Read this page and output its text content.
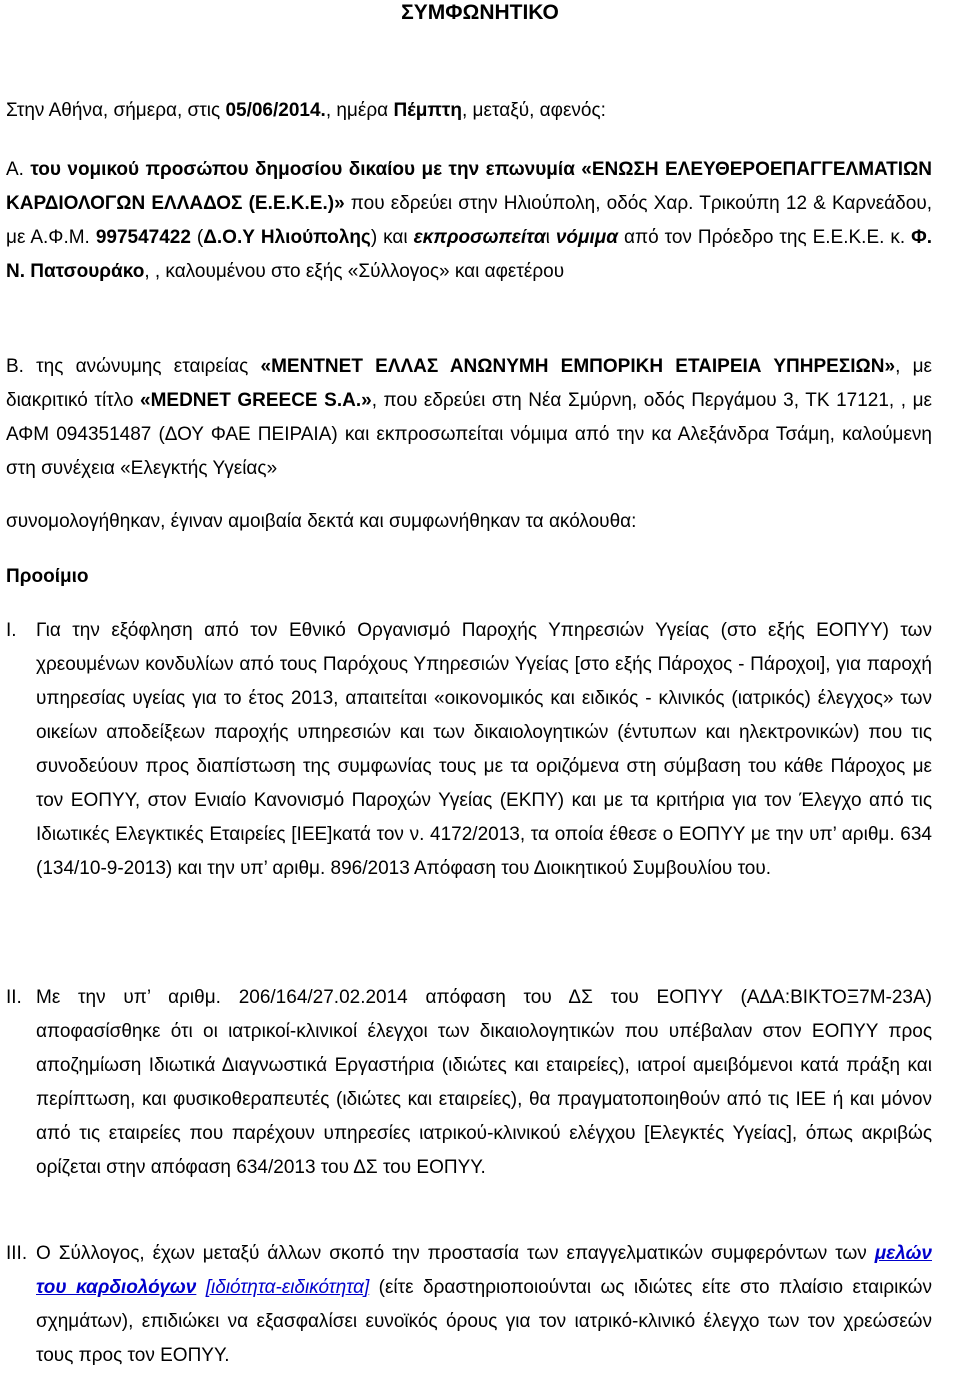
ΣΥΜΦΩΝΗΤΙΚΟ
Στην Αθήνα, σήμερα, στις 05/06/2014., ημέρα Πέμπτη, μεταξύ, αφενός:
Α. του νομικού προσώπου δημοσίου δικαίου με την επωνυμία «ΕΝΩΣΗ ΕΛΕΥΘΕΡΟΕΠΑΓΓΕΛΜΑΤΙΩΝ ΚΑΡΔΙΟΛΟΓΩΝ ΕΛΛΑΔΟΣ (Ε.Ε.Κ.Ε.)» που εδρεύει στην Ηλιούπολη, οδός Χαρ. Τρικούπη 12 & Καρνεάδου, με Α.Φ.Μ. 997547422 (Δ.Ο.Υ Ηλιούπολης) και εκπροσωπείται νόμιμα από τον Πρόεδρο της Ε.Ε.Κ.Ε. κ. Φ. Ν. Πατσουράκο, , καλουμένου στο εξής «Σύλλογος» και αφετέρου
Β. της ανώνυμης εταιρείας «ΜΕΝΤΝΕΤ ΕΛΛΑΣ ΑΝΩΝΥΜΗ ΕΜΠΟΡΙΚΗ ΕΤΑΙΡΕΙΑ ΥΠΗΡΕΣΙΩΝ», με διακριτικό τίτλο «MEDNET GREECE S.A.», που εδρεύει στη Νέα Σμύρνη, οδός Περγάμου 3, ΤΚ 17121, , με ΑΦΜ 094351487 (ΔΟΥ ΦΑΕ ΠΕΙΡΑΙΑ) και εκπροσωπείται νόμιμα από την κα Αλεξάνδρα Τσάμη, καλούμενη στη συνέχεια «Ελεγκτής Υγείας»
συνομολογήθηκαν, έγιναν αμοιβαία δεκτά και συμφωνήθηκαν τα ακόλουθα:
Προοίμιο
I. Για την εξόφληση από τον Εθνικό Οργανισμό Παροχής Υπηρεσιών Υγείας (στο εξής ΕΟΠΥΥ) των χρεουμένων κονδυλίων από τους Παρόχους Υπηρεσιών Υγείας [στο εξής Πάροχος - Πάροχοι], για παροχή υπηρεσίας υγείας για το έτος 2013, απαιτείται «οικονομικός και ειδικός - κλινικός (ιατρικός) έλεγχος» των οικείων αποδείξεων παροχής υπηρεσιών και των δικαιολογητικών (έντυπων και ηλεκτρονικών) που τις συνοδεύουν προς διαπίστωση της συμφωνίας τους με τα οριζόμενα στη σύμβαση του κάθε Πάροχος με τον ΕΟΠΥΥ, στον Ενιαίο Κανονισμό Παροχών Υγείας (ΕΚΠΥ) και με τα κριτήρια για τον Έλεγχο από τις Ιδιωτικές Ελεγκτικές Εταιρείες [ΙΕΕ]κατά τον ν. 4172/2013, τα οποία έθεσε ο ΕΟΠΥΥ με την υπ’ αριθμ. 634 (134/10-9-2013) και την υπ’ αριθμ. 896/2013 Απόφαση του Διοικητικού Συμβουλίου του.
II. Με την υπ’ αριθμ. 206/164/27.02.2014 απόφαση του ΔΣ του ΕΟΠΥΥ (ΑΔΑ:ΒΙΚΤΟΞ7Μ-23Α) αποφασίσθηκε ότι οι ιατρικοί-κλινικοί έλεγχοι των δικαιολογητικών που υπέβαλαν στον ΕΟΠΥΥ προς αποζημίωση Ιδιωτικά Διαγνωστικά Εργαστήρια (ιδιώτες και εταιρείες), ιατροί αμειβόμενοι κατά πράξη και περίπτωση, και φυσικοθεραπευτές (ιδιώτες και εταιρείες), θα πραγματοποιηθούν από τις ΙΕΕ ή και μόνον από τις εταιρείες που παρέχουν υπηρεσίες ιατρικού-κλινικού ελέγχου [Ελεγκτές Υγείας], όπως ακριβώς ορίζεται στην απόφαση 634/2013 του ΔΣ του ΕΟΠΥΥ.
III. Ο Σύλλογος, έχων μεταξύ άλλων σκοπό την προστασία των επαγγελματικών συμφερόντων των μελών του καρδιολόγων [ιδιότητα-ειδικότητα] (είτε δραστηριοποιούνται ως ιδιώτες είτε στο πλαίσιο εταιρικών σχημάτων), επιδιώκει να εξασφαλίσει ευνοϊκός όρους για τον ιατρικό-κλινικό έλεγχο των τον χρεώσεών τους προς τον ΕΟΠΥΥ.
